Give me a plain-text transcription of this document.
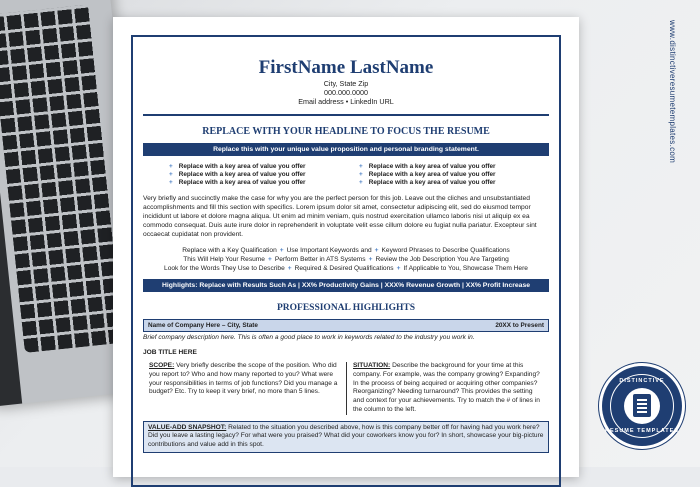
FirstName LastName
City, State Zip
000.000.0000
Email address • LinkedIn URL
REPLACE WITH YOUR HEADLINE TO FOCUS THE RESUME
Replace this with your unique value proposition and personal branding statement.
+ Replace with a key area of value you offer	+ Replace with a key area of value you offer
+ Replace with a key area of value you offer	+ Replace with a key area of value you offer
+ Replace with a key area of value you offer	+ Replace with a key area of value you offer
Very briefly and succinctly make the case for why you are the perfect person for this job. Leave out the cliches and unsubstantiated accomplishments and fill this section with specifics. Lorem ipsum dolor sit amet, consectetur adipiscing elit, sed do eiusmod tempor incididunt ut labore et dolore magna aliqua. Ut enim ad minim veniam, quis nostrud exercitation ullamco laboris nisi ut aliquip ex ea commodo consequat. Duis aute irure dolor in reprehenderit in voluptate velit esse cillum dolore eu fugiat nulla pariatur. Excepteur sint occaecat cupidatat non provident.
Replace with a Key Qualification + Use Important Keywords and + Keyword Phrases to Describe Qualifications
This Will Help Your Resume + Perform Better in ATS Systems + Review the Job Description You Are Targeting
Look for the Words They Use to Describe + Required & Desired Qualifications + If Applicable to You, Showcase Them Here
Highlights: Replace with Results Such As | XX% Productivity Gains | XXX% Revenue Growth | XX% Profit Increase
PROFESSIONAL HIGHLIGHTS
Name of Company Here – City, State	20XX to Present
Brief company description here. This is often a good place to work in keywords related to the industry you work in.
JOB TITLE HERE
SCOPE: Very briefly describe the scope of the position. Who did you report to? Who and how many reported to you? What were your responsibilities in terms of job functions? Did you manage a budget? Etc. Try to keep it very brief, no more than 5 lines.
SITUATION: Describe the background for your time at this company. For example, was the company growing? Expanding? In the process of being acquired or acquiring other companies? Reorganizing? Needing turnaround? This provides the setting and context for your achievements. Try to match the # of lines in the column to the left.
VALUE-ADD SNAPSHOT: Related to the situation you described above, how is this company better off for having had you work here? Did you leave a lasting legacy? For what were you praised? What did your coworkers know you for? In short, showcase your big-picture contributions and value add in this spot.
www.distinctiveresumetemplates.com
DISTINCTIVE
RESUME TEMPLATES
